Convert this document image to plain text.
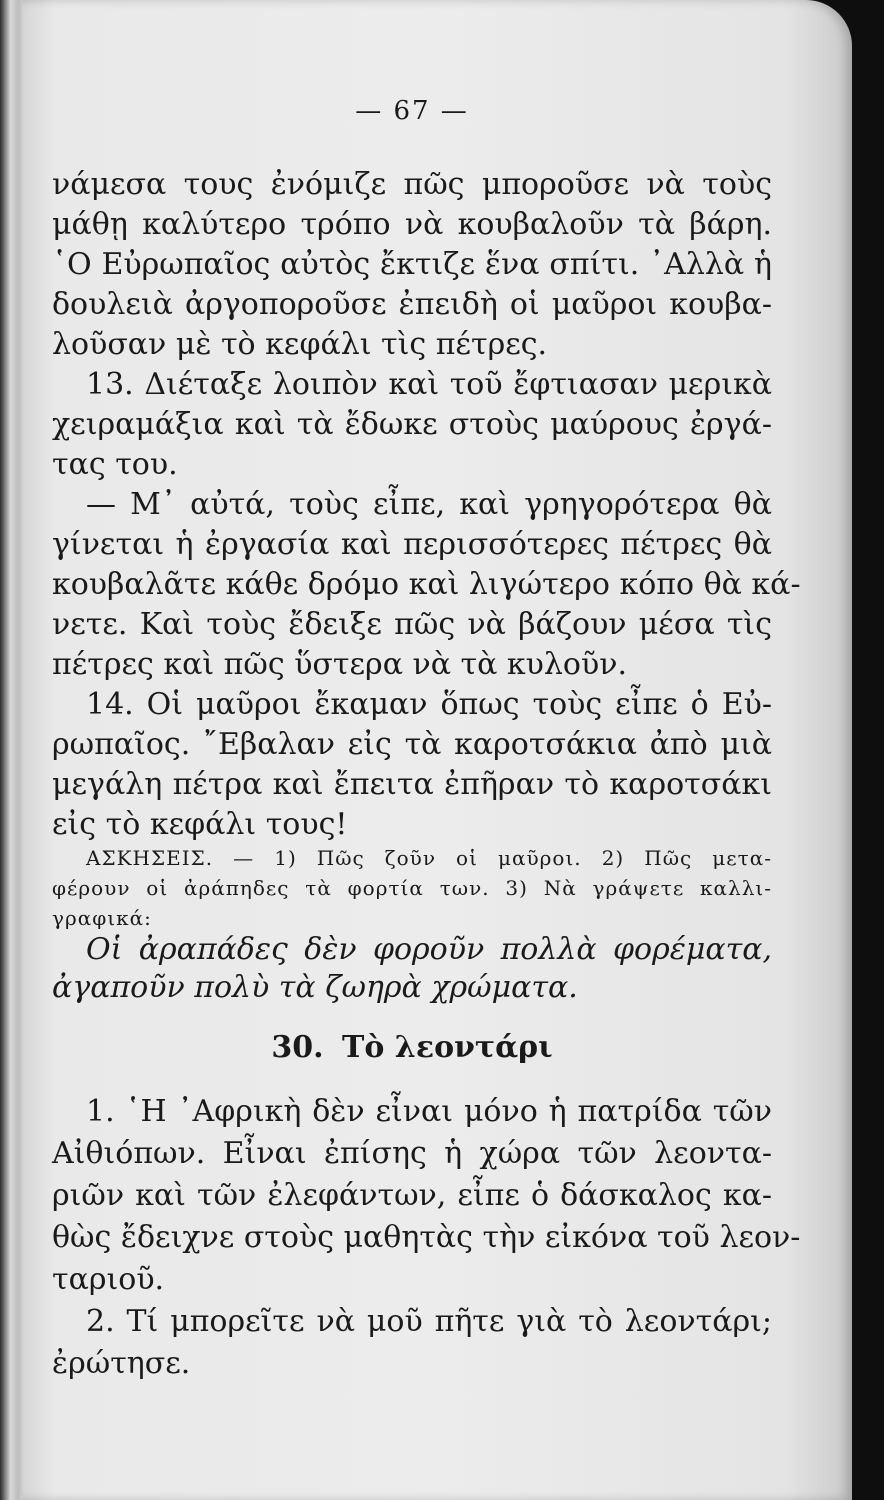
— 67 —
νάμεσα τους ἐνόμιζε πῶς μποροῦσε νὰ τοὺς
μάθῃ καλύτερο τρόπο νὰ κουβαλοῦν τὰ βάρη.
῾Ο Εὐρωπαῖος αὐτὸς ἔκτιζε ἕνα σπίτι. ᾿Αλλὰ ἡ
δουλειὰ ἀργοποροῦσε ἐπειδὴ οἱ μαῦροι κουβα-
λοῦσαν μὲ τὸ κεφάλι τὶς πέτρες.
13. Διέταξε λοιπὸν καὶ τοῦ ἔφτιασαν μερικὰ
χειραμάξια καὶ τὰ ἔδωκε στοὺς μαύρους ἐργά-
τας του.
— Μ᾿ αὐτά, τοὺς εἶπε, καὶ γρηγορότερα θὰ
γίνεται ἡ ἐργασία καὶ περισσότερες πέτρες θὰ
κουβαλᾶτε κάθε δρόμο καὶ λιγώτερο κόπο θὰ κά-
νετε. Καὶ τοὺς ἔδειξε πῶς νὰ βάζουν μέσα τὶς
πέτρες καὶ πῶς ὕστερα νὰ τὰ κυλοῦν.
14. Οἱ μαῦροι ἔκαμαν ὅπως τοὺς εἶπε ὁ Εὐ-
ρωπαῖος. ῎Εβαλαν εἰς τὰ καροτσάκια ἀπὸ μιὰ
μεγάλη πέτρα καὶ ἔπειτα ἐπῆραν τὸ καροτσάκι
εἰς τὸ κεφάλι τους!
ΑΣΚΗΣΕΙΣ. — 1) Πῶς ζοῦν οἱ μαῦροι. 2) Πῶς μετα-
φέρουν οἱ ἀράπηδες τὰ φορτία των. 3) Νὰ γράψετε καλλι-
γραφικά:
Οἱ ἀραπάδες δὲν φοροῦν πολλὰ φορέματα,
ἀγαποῦν πολὺ τὰ ζωηρὰ χρώματα.
30. Τὸ λεοντάρι
1. ῾Η ᾿Αφρικὴ δὲν εἶναι μόνο ἡ πατρίδα τῶν
Αἰθιόπων. Εἶναι ἐπίσης ἡ χώρα τῶν λεοντα-
ριῶν καὶ τῶν ἐλεφάντων, εἶπε ὁ δάσκαλος κα-
θὼς ἔδειχνε στοὺς μαθητὰς τὴν εἰκόνα τοῦ λεον-
ταριοῦ.
2. Τί μπορεῖτε νὰ μοῦ πῆτε γιὰ τὸ λεοντάρι;
ἐρώτησε.
